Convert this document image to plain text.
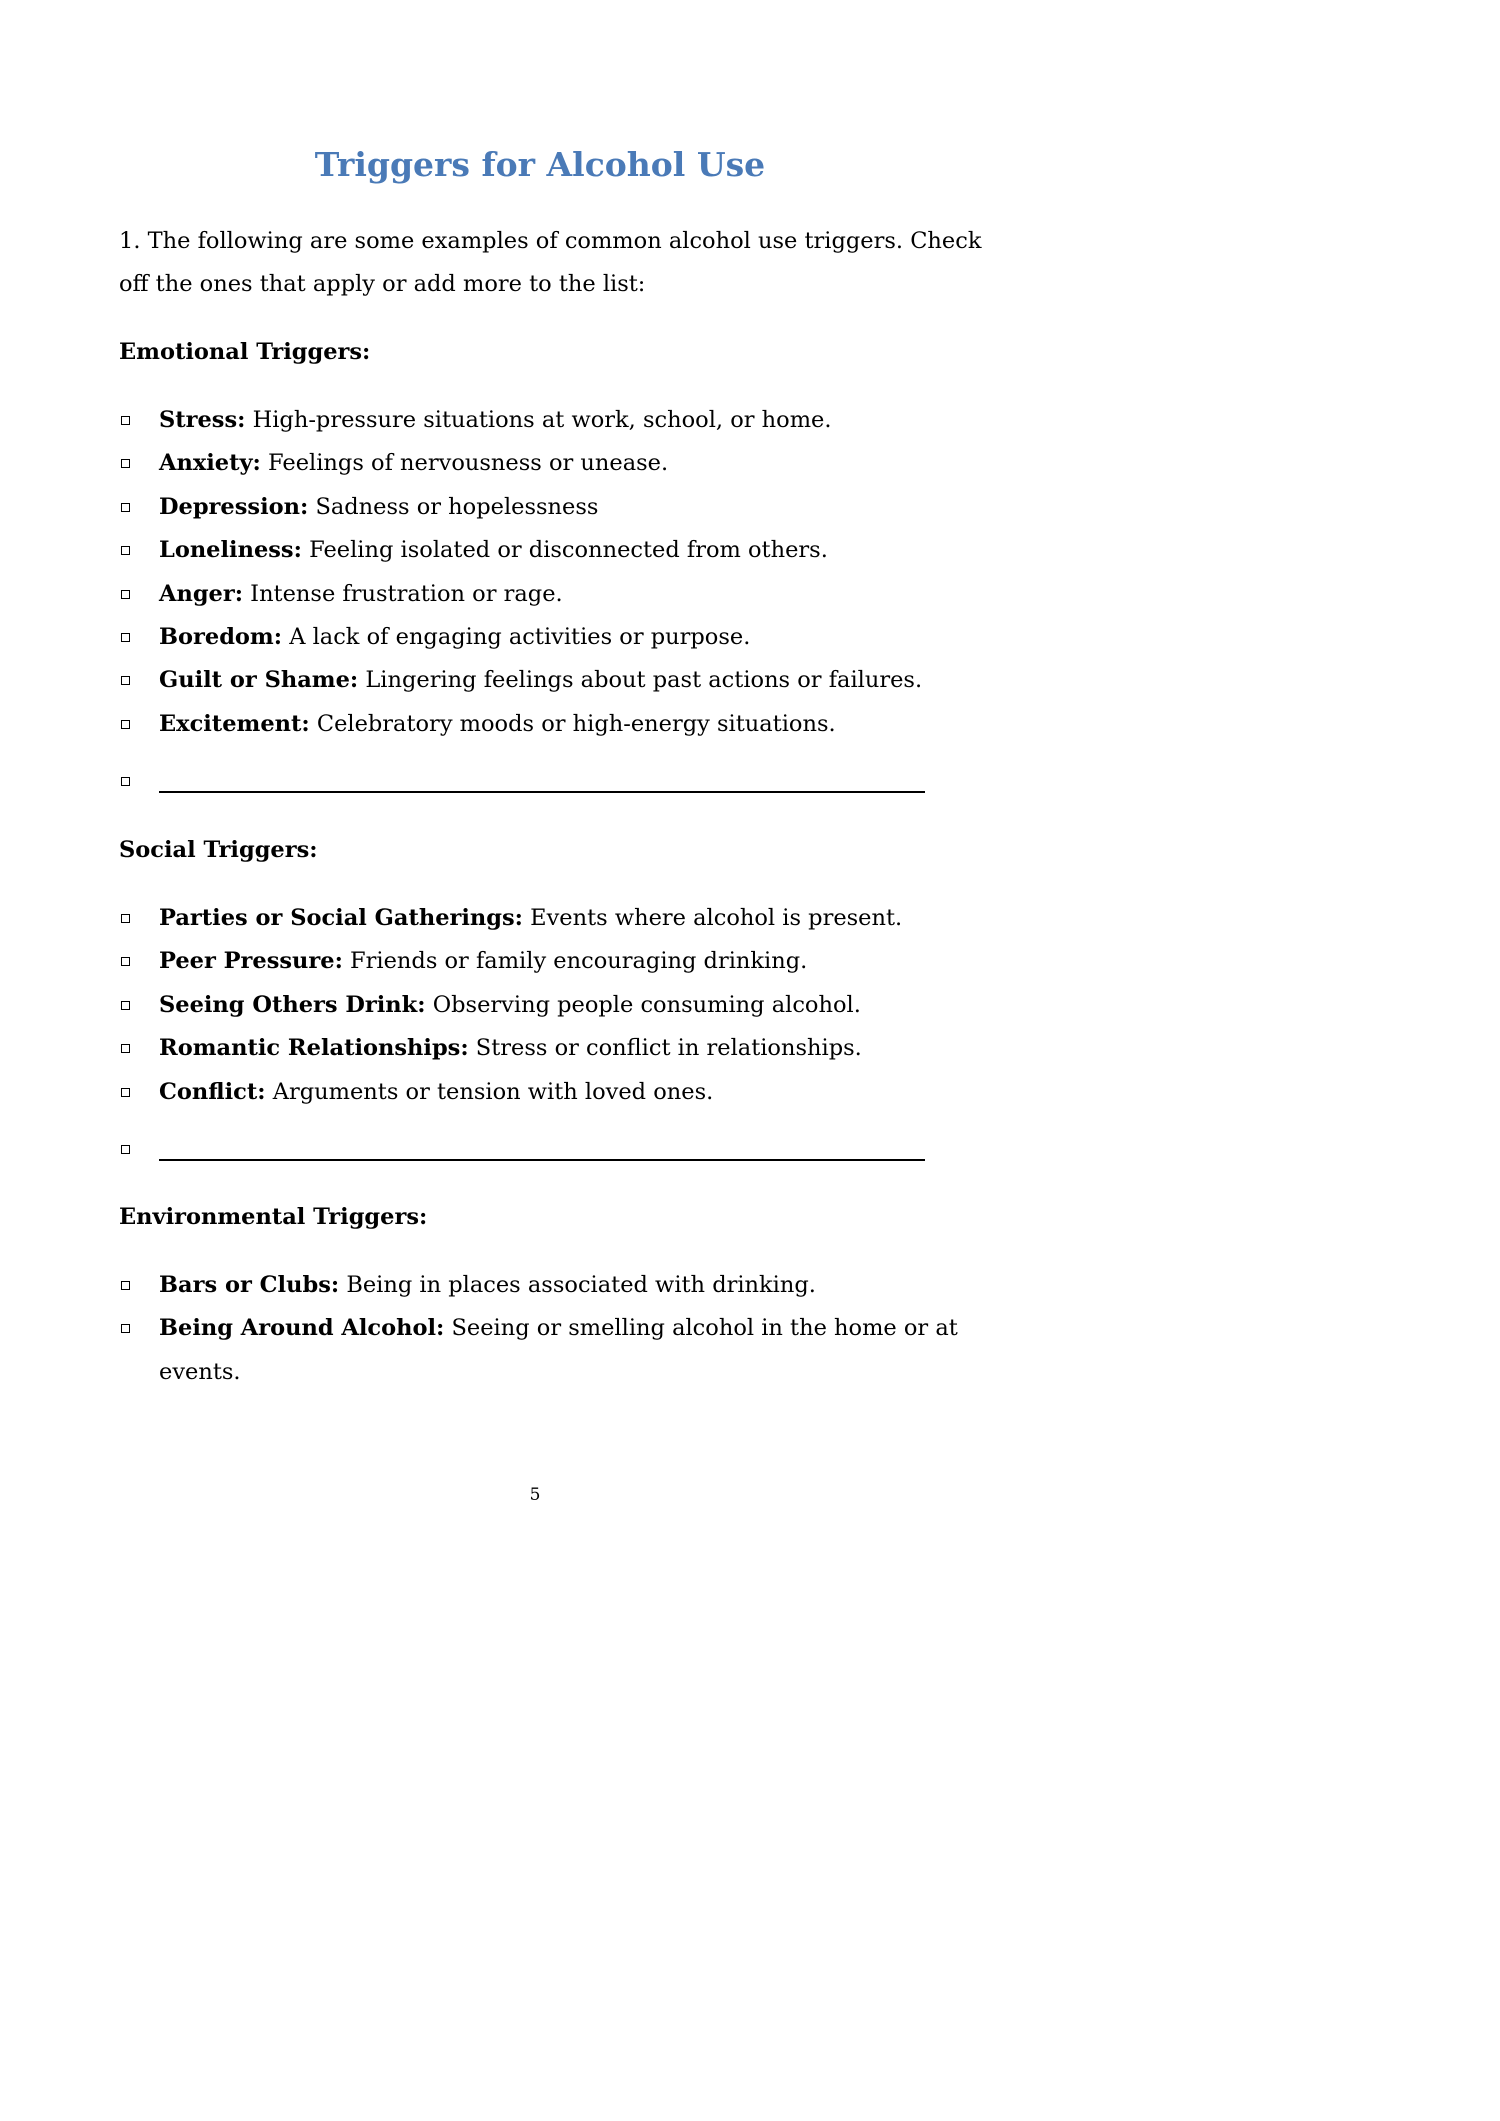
Triggers for Alcohol Use

1. The following are some examples of common alcohol use triggers. Check
off the ones that apply or add more to the list:

Emotional Triggers:
Stress: High-pressure situations at work, school, or home.
Anxiety: Feelings of nervousness or unease.
Depression: Sadness or hopelessness
Loneliness: Feeling isolated or disconnected from others.
Anger: Intense frustration or rage.
Boredom: A lack of engaging activities or purpose.
Guilt or Shame: Lingering feelings about past actions or failures.
Excitement: Celebratory moods or high-energy situations.
Social Triggers:
Parties or Social Gatherings: Events where alcohol is present.
Peer Pressure: Friends or family encouraging drinking.
Seeing Others Drink: Observing people consuming alcohol.
Romantic Relationships: Stress or conflict in relationships.
Conflict: Arguments or tension with loved ones.
Environmental Triggers:
Bars or Clubs: Being in places associated with drinking.
Being Around Alcohol: Seeing or smelling alcohol in the home or at events.
5
